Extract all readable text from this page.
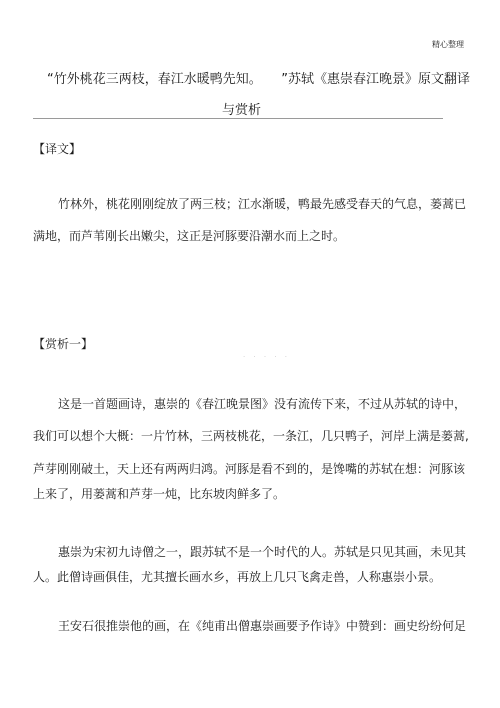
精心整理
“竹外桃花三两枝，春江水暖鸭先知。　　”苏轼《惠崇春江晚景》原文翻译
与赏析
【译文】
竹林外，桃花刚刚绽放了两三枝；江水渐暖，鸭最先感受春天的气息，蒌蒿已
满地，而芦苇刚长出嫩尖，这正是河豚要沿潮水而上之时。
【赏析一】
· · · · ·
这是一首题画诗，惠崇的《春江晚景图》没有流传下来，不过从苏轼的诗中，
我们可以想个大概：一片竹林，三两枝桃花，一条江，几只鸭子，河岸上满是蒌蒿,
芦芽刚刚破土，天上还有两两归鸿。河豚是看不到的，是馋嘴的苏轼在想：河豚该
上来了，用蒌蒿和芦芽一炖，比东坡肉鲜多了。
惠崇为宋初九诗僧之一，跟苏轼不是一个时代的人。苏轼是只见其画，未见其
人。此僧诗画俱佳，尤其擅长画水乡，再放上几只飞禽走兽，人称惠崇小景。
王安石很推崇他的画，在《纯甫出僧惠崇画要予作诗》中赞到：画史纷纷何足
